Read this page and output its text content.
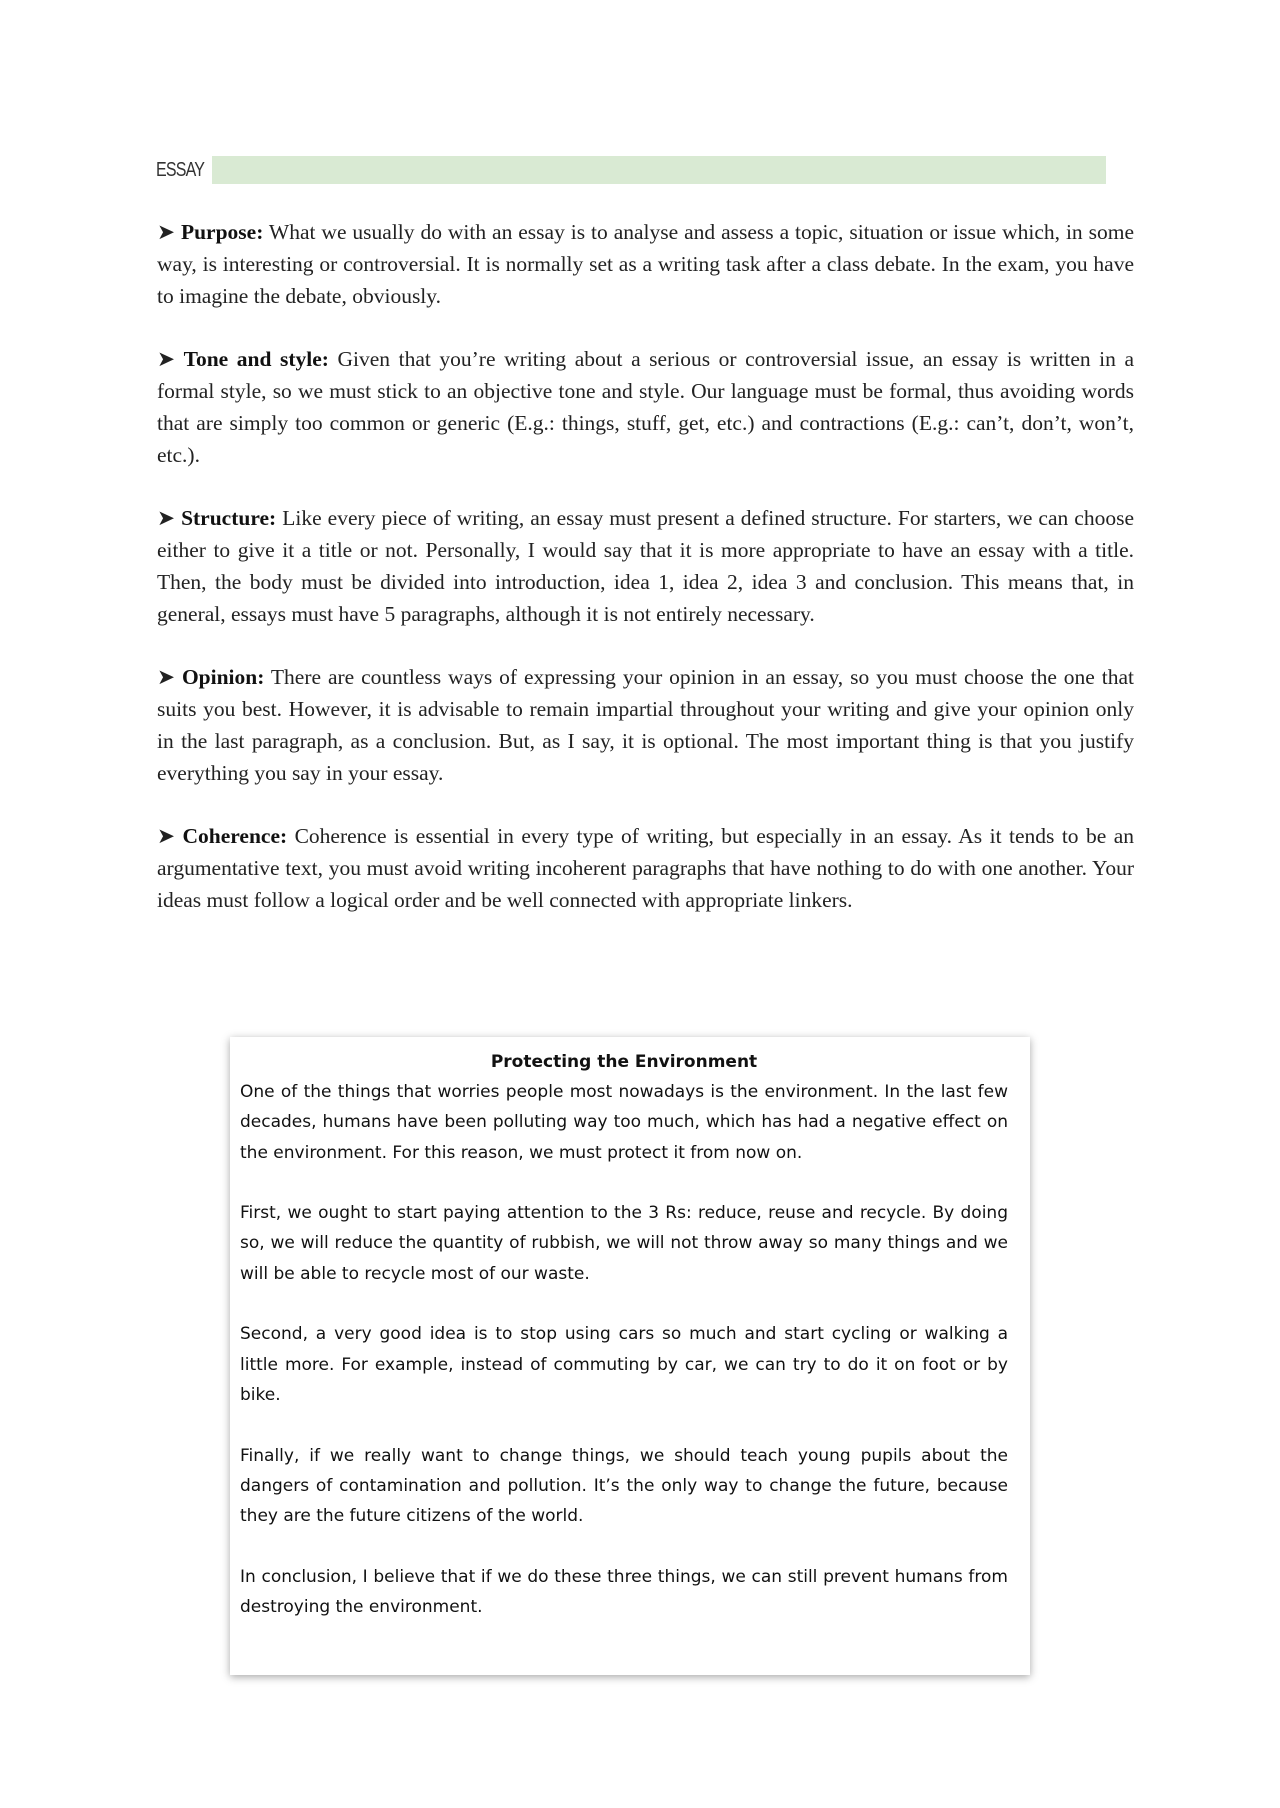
ESSAY

➤ Purpose: What we usually do with an essay is to analyse and assess a topic, situation or issue which, in some way, is interesting or controversial. It is normally set as a writing task after a class debate. In the exam, you have to imagine the debate, obviously.

➤ Tone and style: Given that you’re writing about a serious or controversial issue, an essay is written in a formal style, so we must stick to an objective tone and style. Our language must be formal, thus avoiding words that are simply too common or generic (E.g.: things, stuff, get, etc.) and contractions (E.g.: can’t, don’t, won’t, etc.).

➤ Structure: Like every piece of writing, an essay must present a defined structure. For starters, we can choose either to give it a title or not. Personally, I would say that it is more appropriate to have an essay with a title. Then, the body must be divided into introduction, idea 1, idea 2, idea 3 and conclusion. This means that, in general, essays must have 5 paragraphs, although it is not entirely necessary.

➤ Opinion: There are countless ways of expressing your opinion in an essay, so you must choose the one that suits you best. However, it is advisable to remain impartial throughout your writing and give your opinion only in the last paragraph, as a conclusion. But, as I say, it is optional. The most important thing is that you justify everything you say in your essay.

➤ Coherence: Coherence is essential in every type of writing, but especially in an essay. As it tends to be an argumentative text, you must avoid writing incoherent paragraphs that have nothing to do with one another. Your ideas must follow a logical order and be well connected with appropriate linkers.

Protecting the Environment

One of the things that worries people most nowadays is the environment. In the last few decades, humans have been polluting way too much, which has had a negative effect on the environment. For this reason, we must protect it from now on.

First, we ought to start paying attention to the 3 Rs: reduce, reuse and recycle. By doing so, we will reduce the quantity of rubbish, we will not throw away so many things and we will be able to recycle most of our waste.

Second, a very good idea is to stop using cars so much and start cycling or walking a little more. For example, instead of commuting by car, we can try to do it on foot or by bike.

Finally, if we really want to change things, we should teach young pupils about the dangers of contamination and pollution. It’s the only way to change the future, because they are the future citizens of the world.

In conclusion, I believe that if we do these three things, we can still prevent humans from destroying the environment.
